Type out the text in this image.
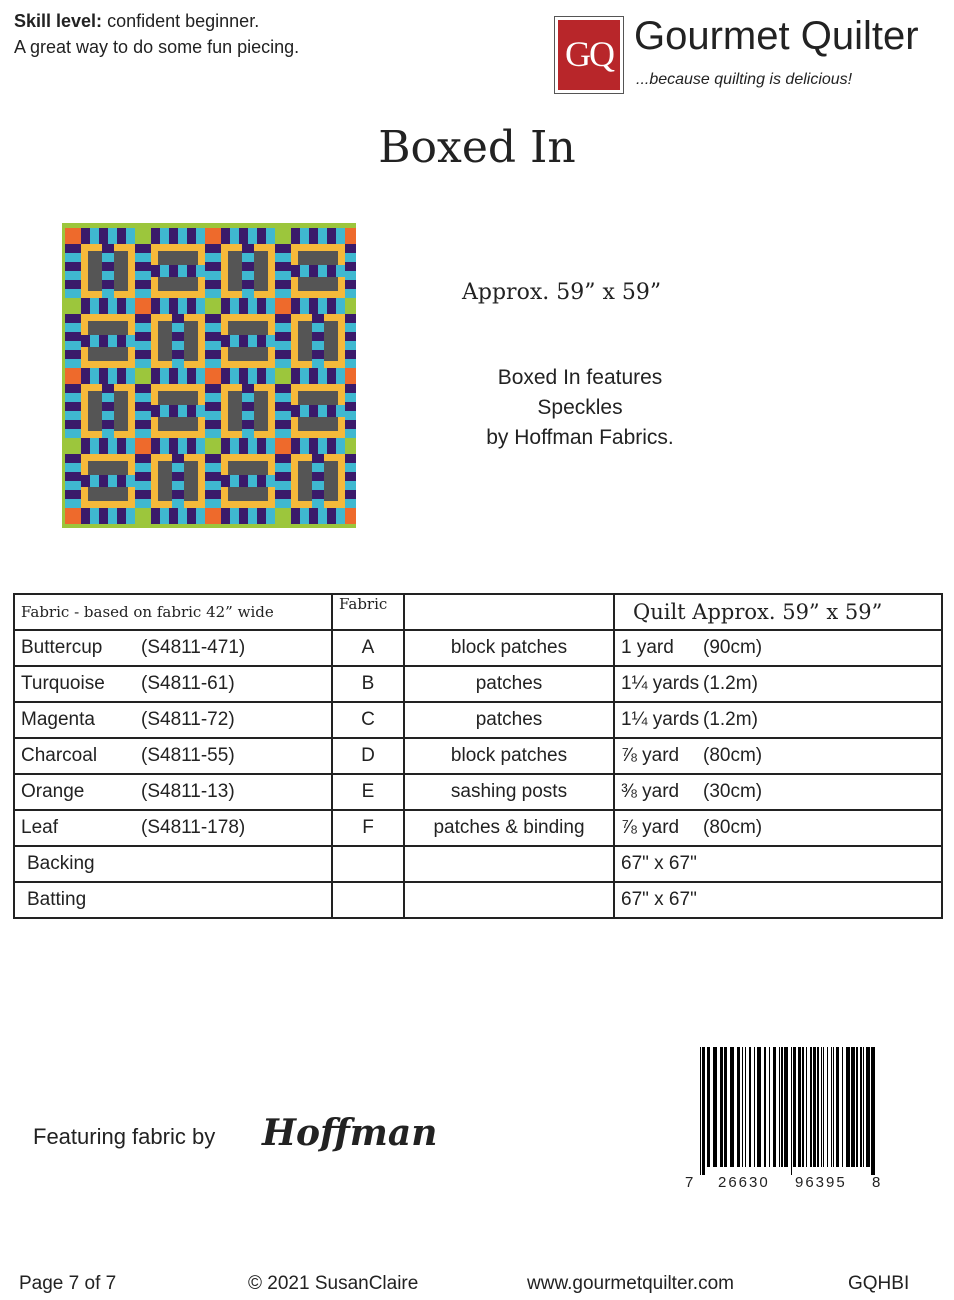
Skill level: confident beginner.
A great way to do some fun piecing.	GQ Gourmet Quilter
...because quilting is delicious!
Boxed In
Approx. 59” x 59”
Boxed In features
Speckles
by Hoffman Fabrics.
Fabric - based on fabric 42” wide	Fabric		Quilt Approx. 59” x 59”
Buttercup (S4811-471)	A	block patches	1 yard (90cm)
Turquoise (S4811-61)	B	patches	1¼ yards (1.2m)
Magenta (S4811-72)	C	patches	1¼ yards (1.2m)
Charcoal (S4811-55)	D	block patches	⅞ yard (80cm)
Orange (S4811-13)	E	sashing posts	⅜ yard (30cm)
Leaf (S4811-178)	F	patches & binding	⅞ yard (80cm)
Backing			67" x 67"
Batting			67" x 67"
Featuring fabric by Hoffman
7 26630 96395 8
Page 7 of 7	© 2021 SusanClaire	www.gourmetquilter.com	GQHBI
